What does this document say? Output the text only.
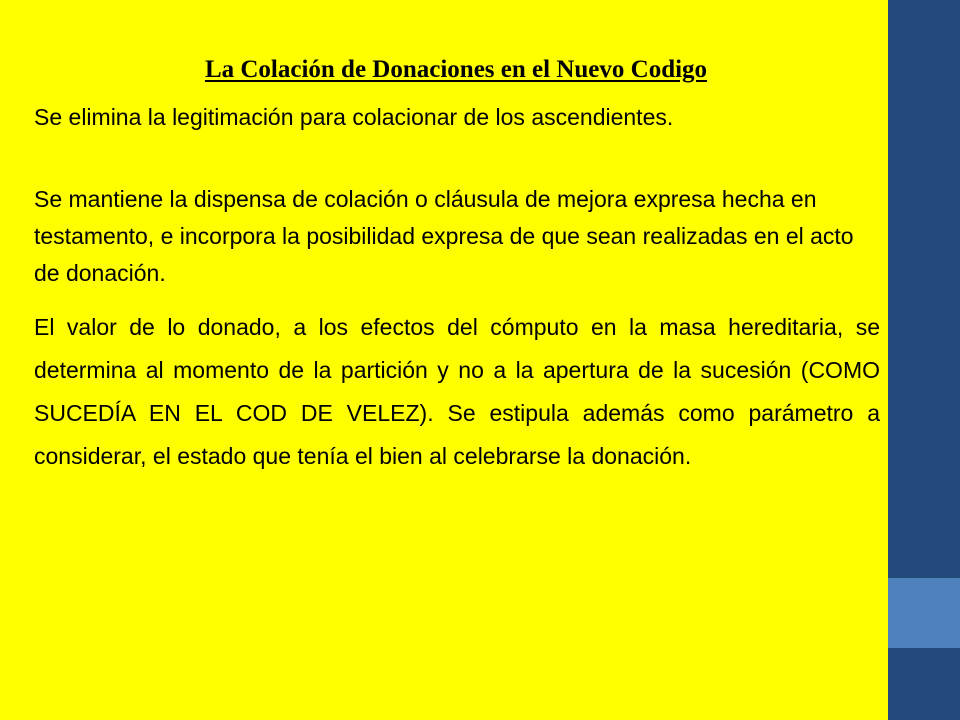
La Colación de Donaciones en el Nuevo Codigo

Se elimina la legitimación para colacionar de los ascendientes.

Se mantiene la dispensa de colación o cláusula de mejora expresa hecha en testamento, e incorpora la posibilidad expresa de que sean realizadas en el acto de donación.

El valor de lo donado, a los efectos del cómputo en la masa hereditaria, se determina al momento de la partición y no a la apertura de la sucesión (COMO SUCEDÍA EN EL COD DE VELEZ). Se estipula además como parámetro a considerar, el estado que tenía el bien al celebrarse la donación.
